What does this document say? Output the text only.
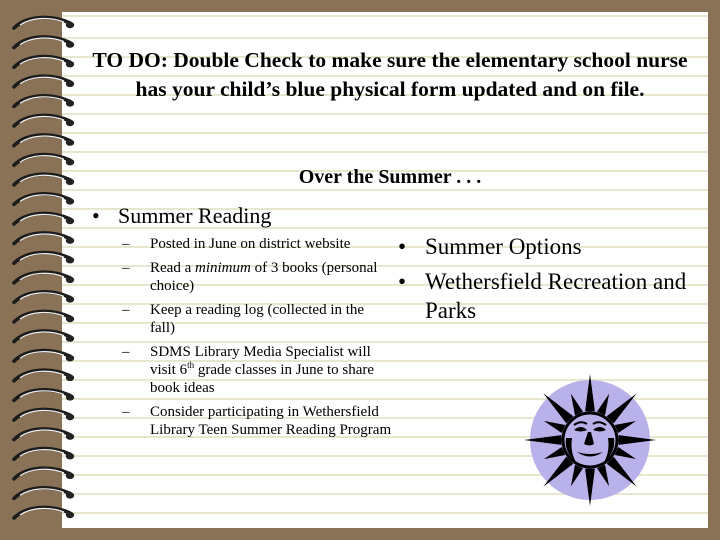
TO DO: Double Check to make sure the elementary school nurse has your child’s blue physical form updated and on file.
Over the Summer . . .
• Summer Reading
–	Posted in June on district website
–	Read a minimum of 3 books (personal choice)
–	Keep a reading log (collected in the fall)
–	SDMS Library Media Specialist will visit 6th grade classes in June to share book ideas
–	Consider participating in Wethersfield Library Teen Summer Reading Program
• Summer Options
• Wethersfield Recreation and Parks
